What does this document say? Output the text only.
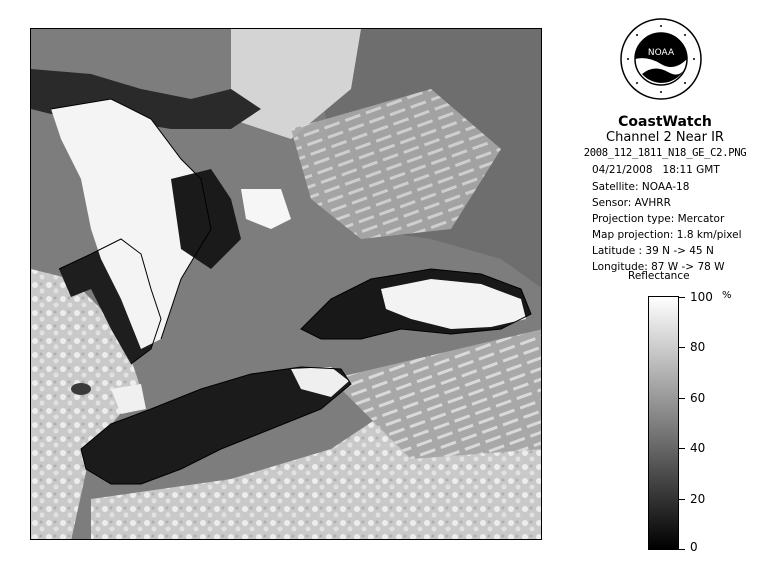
NOAA
CoastWatch
Channel 2 Near IR
2008_112_1811_N18_GE_C2.PNG
04/21/2008 18:11 GMT
Satellite: NOAA-18
Sensor: AVHRR
Projection type: Mercator
Map projection: 1.8 km/pixel
Latitude : 39 N -> 45 N
Longitude: 87 W -> 78 W
Reflectance
%
100
80
60
40
20
0
